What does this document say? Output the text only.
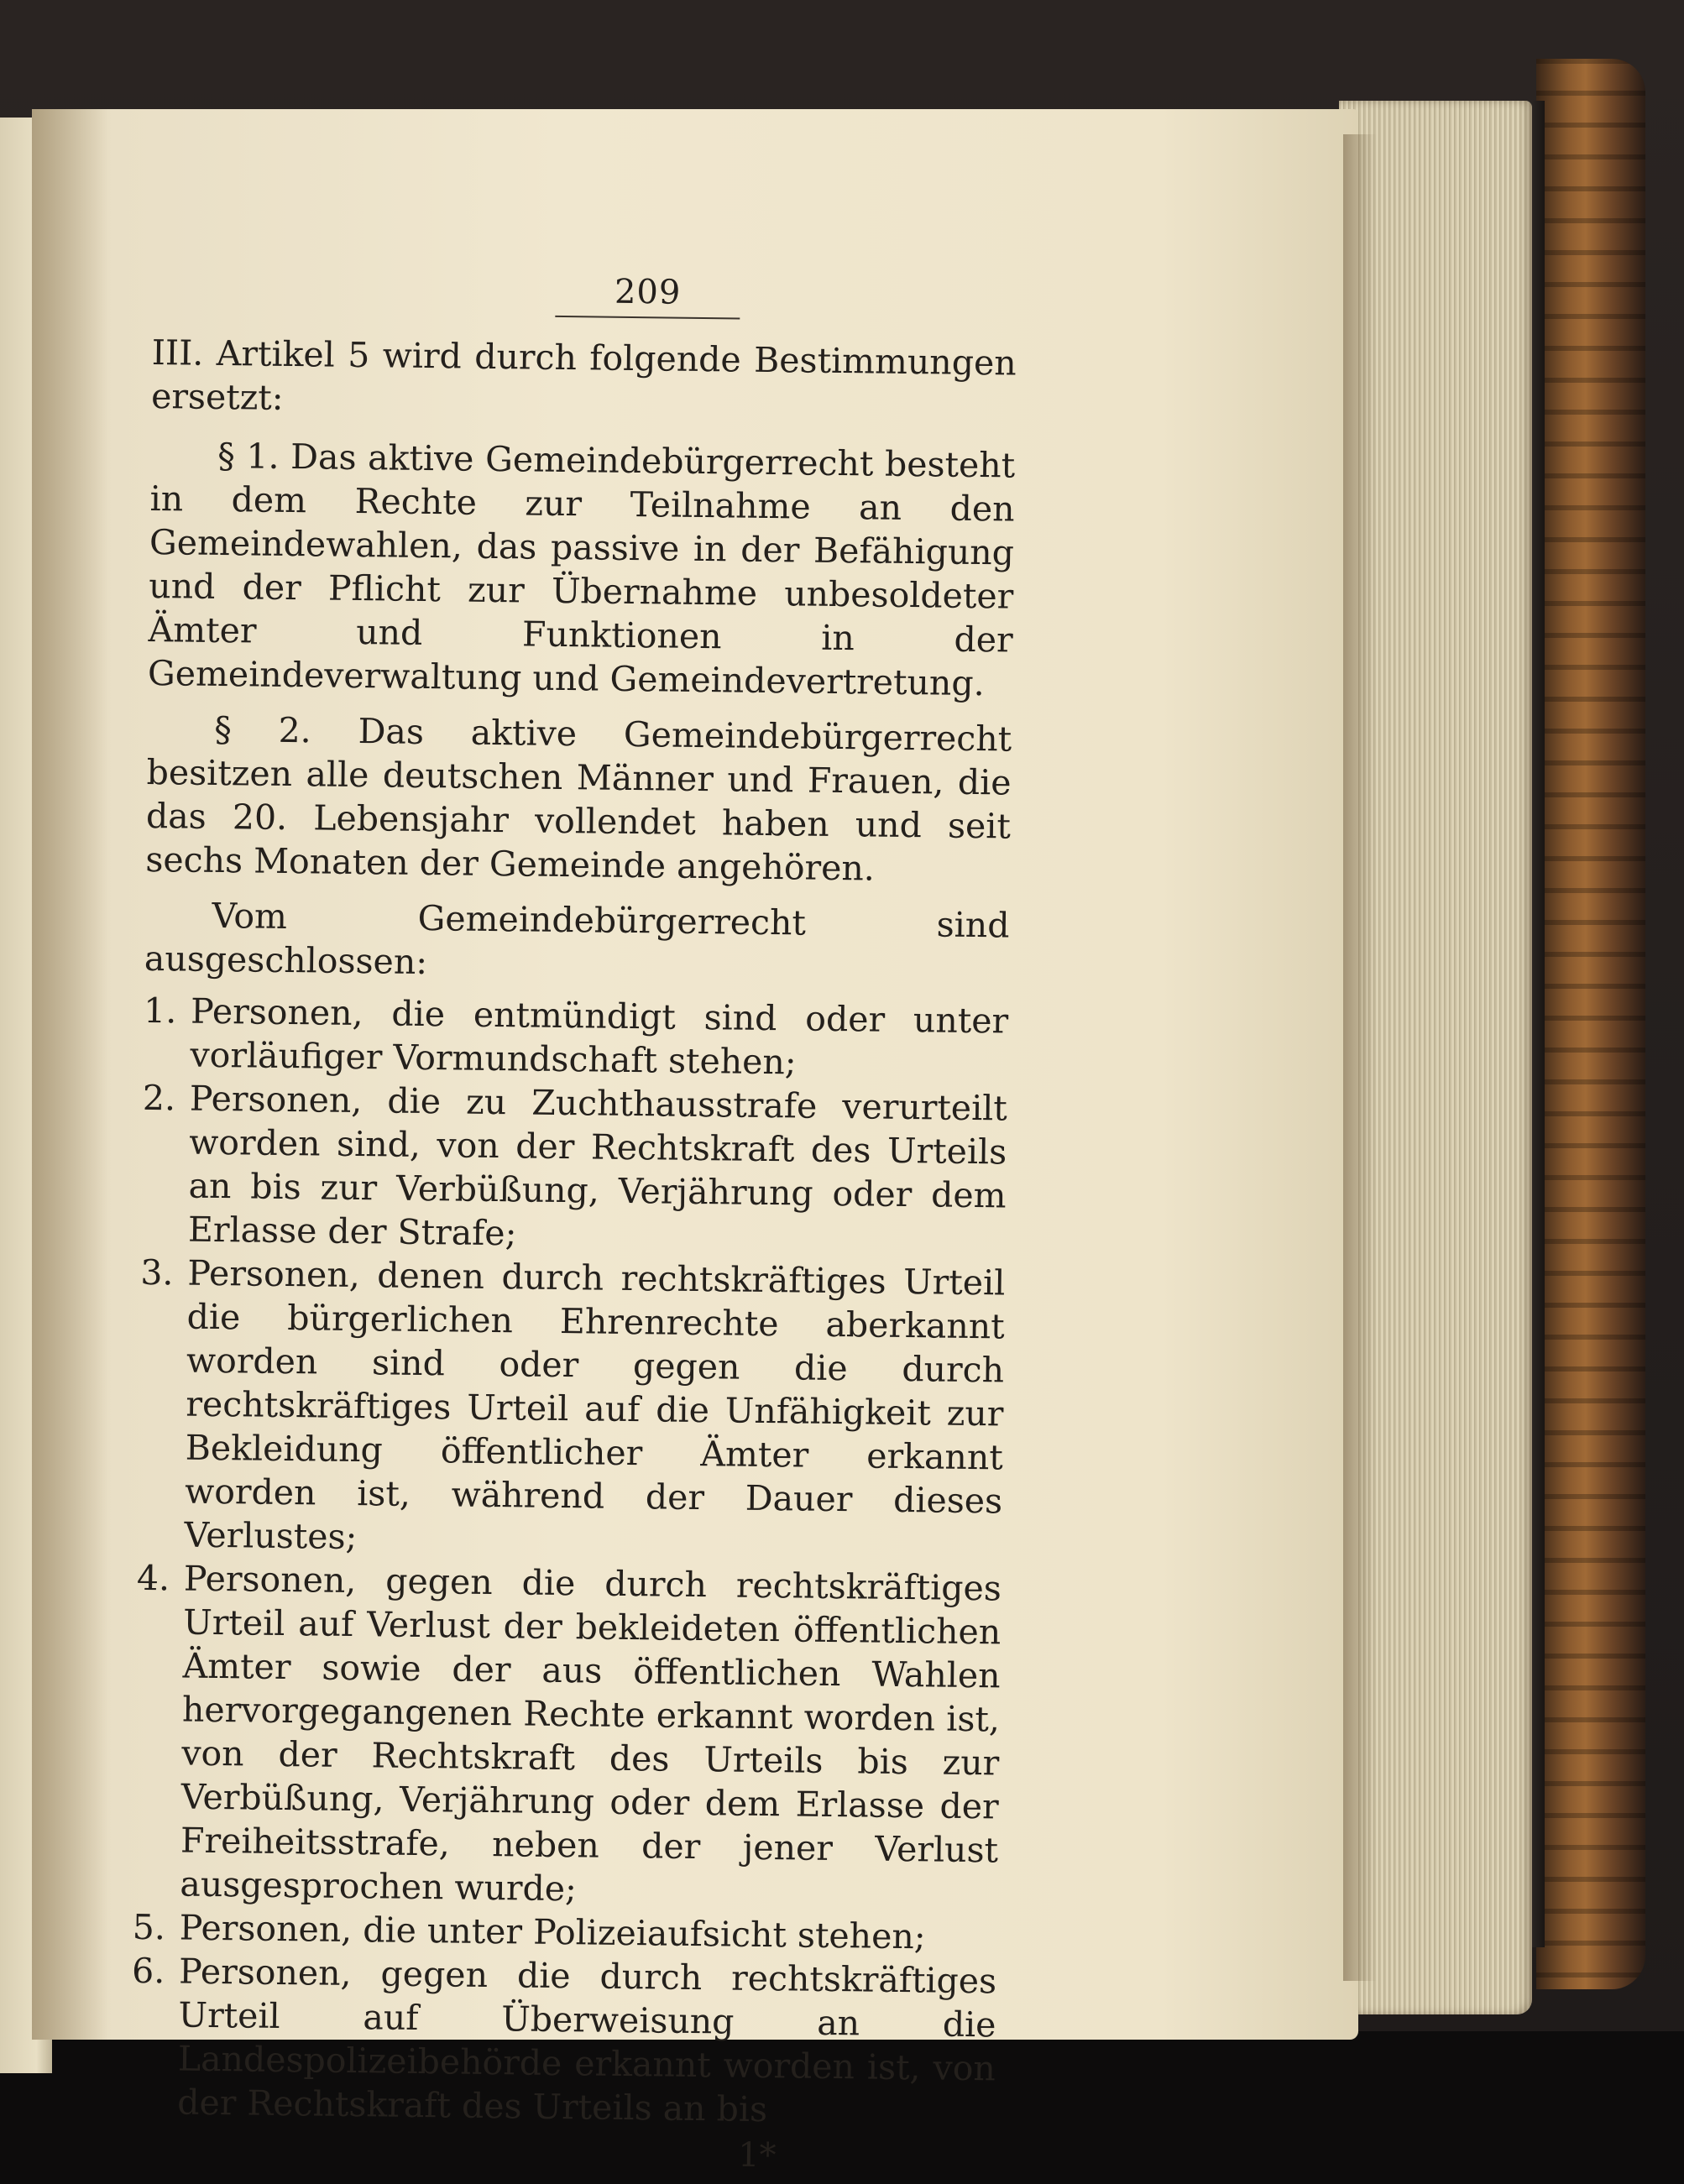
209

III. Artikel 5 wird durch folgende Bestimmungen ersetzt:

§ 1. Das aktive Gemeindebürgerrecht besteht in dem Rechte zur Teilnahme an den Gemeindewahlen, das passive in der Befähigung und der Pflicht zur Übernahme unbesoldeter Ämter und Funktionen in der Gemeindeverwaltung und Gemeindevertretung.

§ 2. Das aktive Gemeindebürgerrecht besitzen alle deutschen Männer und Frauen, die das 20. Lebensjahr vollendet haben und seit sechs Monaten der Gemeinde angehören.

Vom Gemeindebürgerrecht sind ausgeschlossen:

1. Personen, die entmündigt sind oder unter vorläufiger Vormundschaft stehen;
2. Personen, die zu Zuchthausstrafe verurteilt worden sind, von der Rechtskraft des Urteils an bis zur Verbüßung, Verjährung oder dem Erlasse der Strafe;
3. Personen, denen durch rechtskräftiges Urteil die bürgerlichen Ehrenrechte aberkannt worden sind oder gegen die durch rechtskräftiges Urteil auf die Unfähigkeit zur Bekleidung öffentlicher Ämter erkannt worden ist, während der Dauer dieses Verlustes;
4. Personen, gegen die durch rechtskräftiges Urteil auf Verlust der bekleideten öffentlichen Ämter sowie der aus öffentlichen Wahlen hervorgegangenen Rechte erkannt worden ist, von der Rechtskraft des Urteils bis zur Verbüßung, Verjährung oder dem Erlasse der Freiheitsstrafe, neben der jener Verlust ausgesprochen wurde;
5. Personen, die unter Polizeiaufsicht stehen;
6. Personen, gegen die durch rechtskräftiges Urteil auf Überweisung an die Landespolizeibehörde erkannt worden ist, von der Rechtskraft des Urteils an bis
1*
